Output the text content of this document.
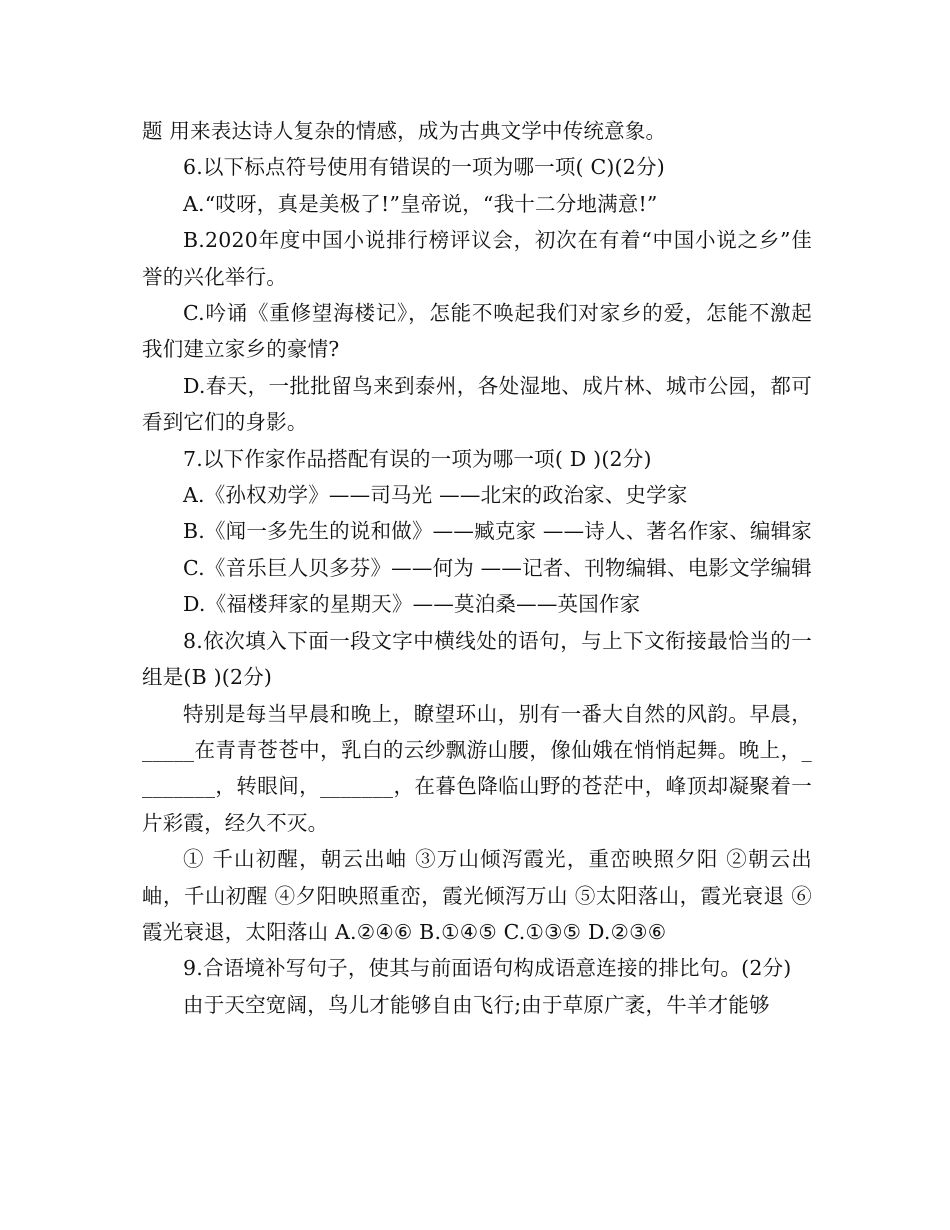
题 用来表达诗人复杂的情感，成为古典文学中传统意象。

6.以下标点符号使用有错误的一项为哪一项( C)(2分)

A.“哎呀，真是美极了!”皇帝说，“我十二分地满意!”

B.2020年度中国小说排行榜评议会，初次在有着“中国小说之乡”佳誉的兴化举行。

C.吟诵《重修望海楼记》，怎能不唤起我们对家乡的爱，怎能不激起我们建立家乡的豪情?

D.春天，一批批留鸟来到泰州，各处湿地、成片林、城市公园，都可看到它们的身影。

7.以下作家作品搭配有误的一项为哪一项( D )(2分)

A.《孙权劝学》——司马光 ——北宋的政治家、史学家

B.《闻一多先生的说和做》——臧克家 ——诗人、著名作家、编辑家

C.《音乐巨人贝多芬》——何为 ——记者、刊物编辑、电影文学编辑

D.《福楼拜家的星期天》——莫泊桑——英国作家

8.依次填入下面一段文字中横线处的语句，与上下文衔接最恰当的一组是(B )(2分)

特别是每当早晨和晚上，瞭望环山，别有一番大自然的风韵。早晨，_____在青青苍苍中，乳白的云纱飘游山腰，像仙娥在悄悄起舞。晚上，________，转眼间，_______，在暮色降临山野的苍茫中，峰顶却凝聚着一片彩霞，经久不灭。

① 千山初醒，朝云出岫 ③万山倾泻霞光，重峦映照夕阳 ②朝云出岫，千山初醒 ④夕阳映照重峦，霞光倾泻万山 ⑤太阳落山，霞光衰退 ⑥霞光衰退，太阳落山 A.②④⑥ B.①④⑤ C.①③⑤ D.②③⑥

9.合语境补写句子，使其与前面语句构成语意连接的排比句。(2分)

由于天空宽阔，鸟儿才能够自由飞行;由于草原广袤，牛羊才能够
